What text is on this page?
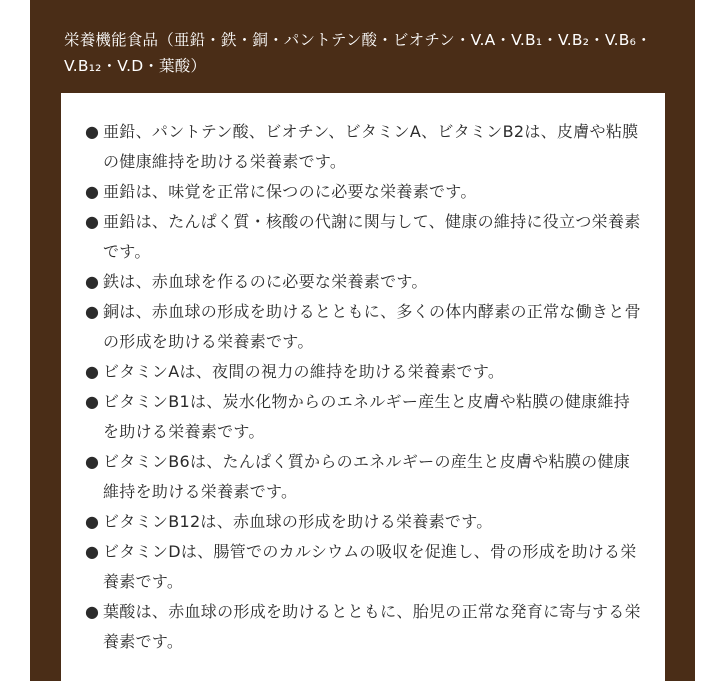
栄養機能食品（亜鉛・鉄・銅・パントテン酸・ビオチン・V.A・V.B₁・V.B₂・V.B₆・V.B₁₂・V.D・葉酸）
● 亜鉛、パントテン酸、ビオチン、ビタミンA、ビタミンB2は、皮膚や粘膜の健康維持を助ける栄養素です。
● 亜鉛は、味覚を正常に保つのに必要な栄養素です。
● 亜鉛は、たんぱく質・核酸の代謝に関与して、健康の維持に役立つ栄養素です。
● 鉄は、赤血球を作るのに必要な栄養素です。
● 銅は、赤血球の形成を助けるとともに、多くの体内酵素の正常な働きと骨の形成を助ける栄養素です。
● ビタミンAは、夜間の視力の維持を助ける栄養素です。
● ビタミンB1は、炭水化物からのエネルギー産生と皮膚や粘膜の健康維持を助ける栄養素です。
● ビタミンB6は、たんぱく質からのエネルギーの産生と皮膚や粘膜の健康維持を助ける栄養素です。
● ビタミンB12は、赤血球の形成を助ける栄養素です。
● ビタミンDは、腸管でのカルシウムの吸収を促進し、骨の形成を助ける栄養素です。
● 葉酸は、赤血球の形成を助けるとともに、胎児の正常な発育に寄与する栄養素です。
